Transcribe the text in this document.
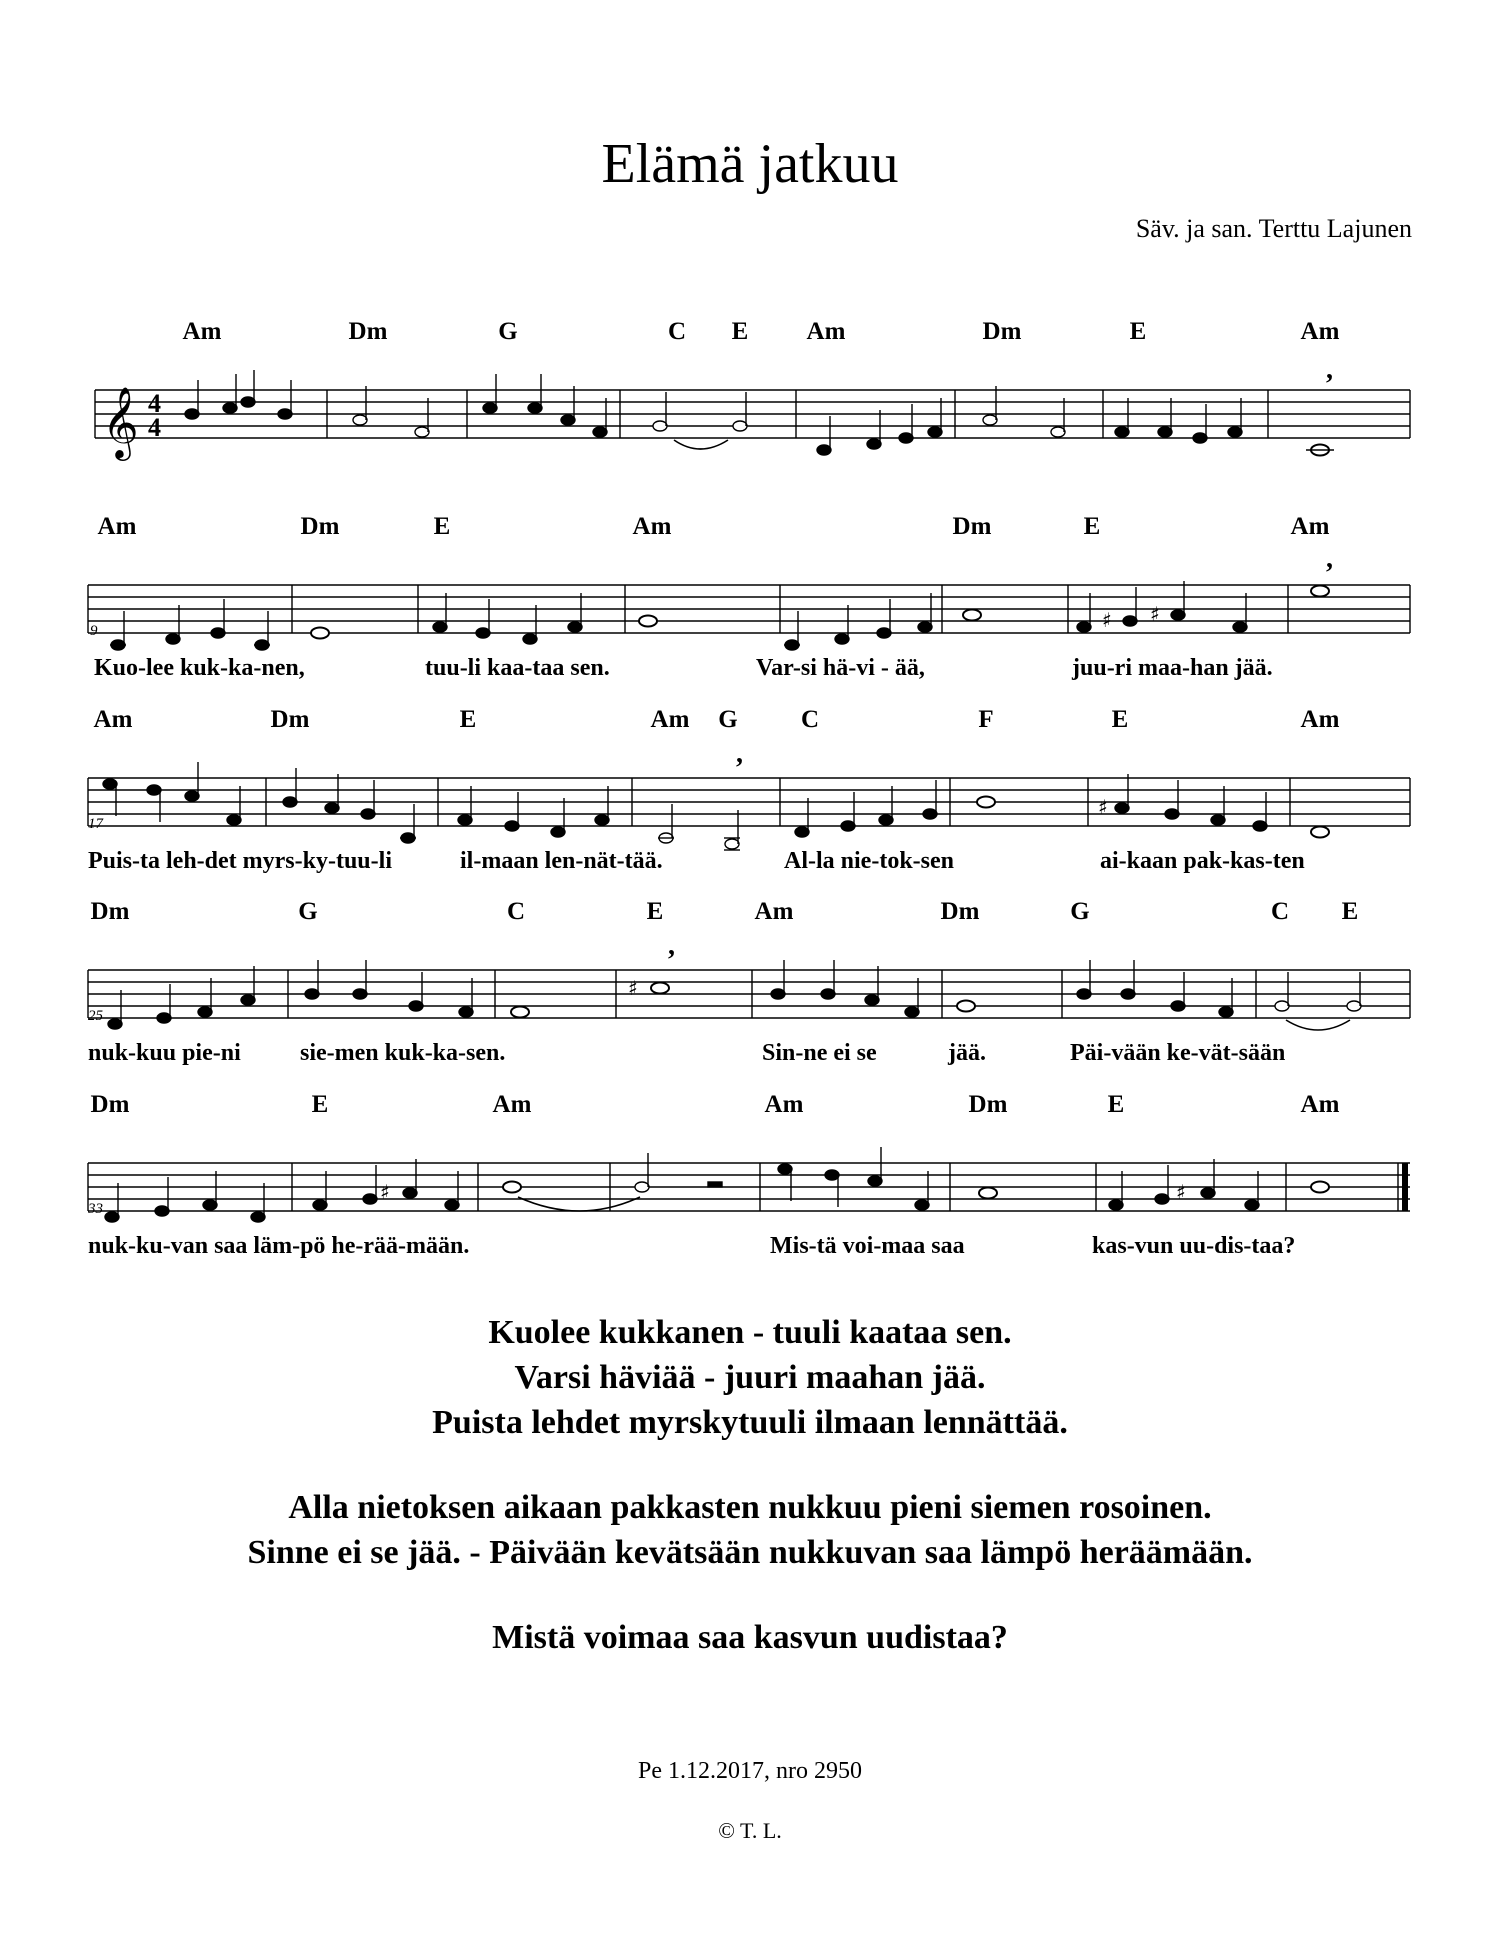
Elämä jatkuu
Säv. ja san. Terttu Lajunen
Am	Dm	G	C E Am	Dm	E	Am
𝄞 4
4
,
Am	Dm	E	Am	Dm	E	Am
9	♯ ♯
,
Kuo-lee kuk-ka-nen,	tuu-li kaa-taa sen.	Var-si hä-vi - ää,	juu-ri maa-han jää.
Am	Dm	E	Am G	C	F	E	Am
17
♯
,
Puis-ta leh-det myrs-ky-tuu-li	il-maan len-nät-tää.	Al-la nie-tok-sen	ai-kaan pak-kas-ten
Dm	G	C	E	Am	Dm	G	C E
25
♯
,
nuk-kuu pie-ni sie-men kuk-ka-sen.	Sin-ne ei se	jää.	Päi-vään ke-vät-sään
Dm	E	Am	Am	Dm	E	Am
33
♯	♯
nuk-ku-van saa läm-pö he-rää-mään.	Mis-tä voi-maa saa	kas-vun uu-dis-taa?
Kuolee kukkanen - tuuli kaataa sen.
Varsi häviää - juuri maahan jää.
Puista lehdet myrskytuuli ilmaan lennättää.
Alla nietoksen aikaan pakkasten nukkuu pieni siemen rosoinen.
Sinne ei se jää. - Päivään kevätsään nukkuvan saa lämpö heräämään.
Mistä voimaa saa kasvun uudistaa?
Pe 1.12.2017, nro 2950
© T. L.
